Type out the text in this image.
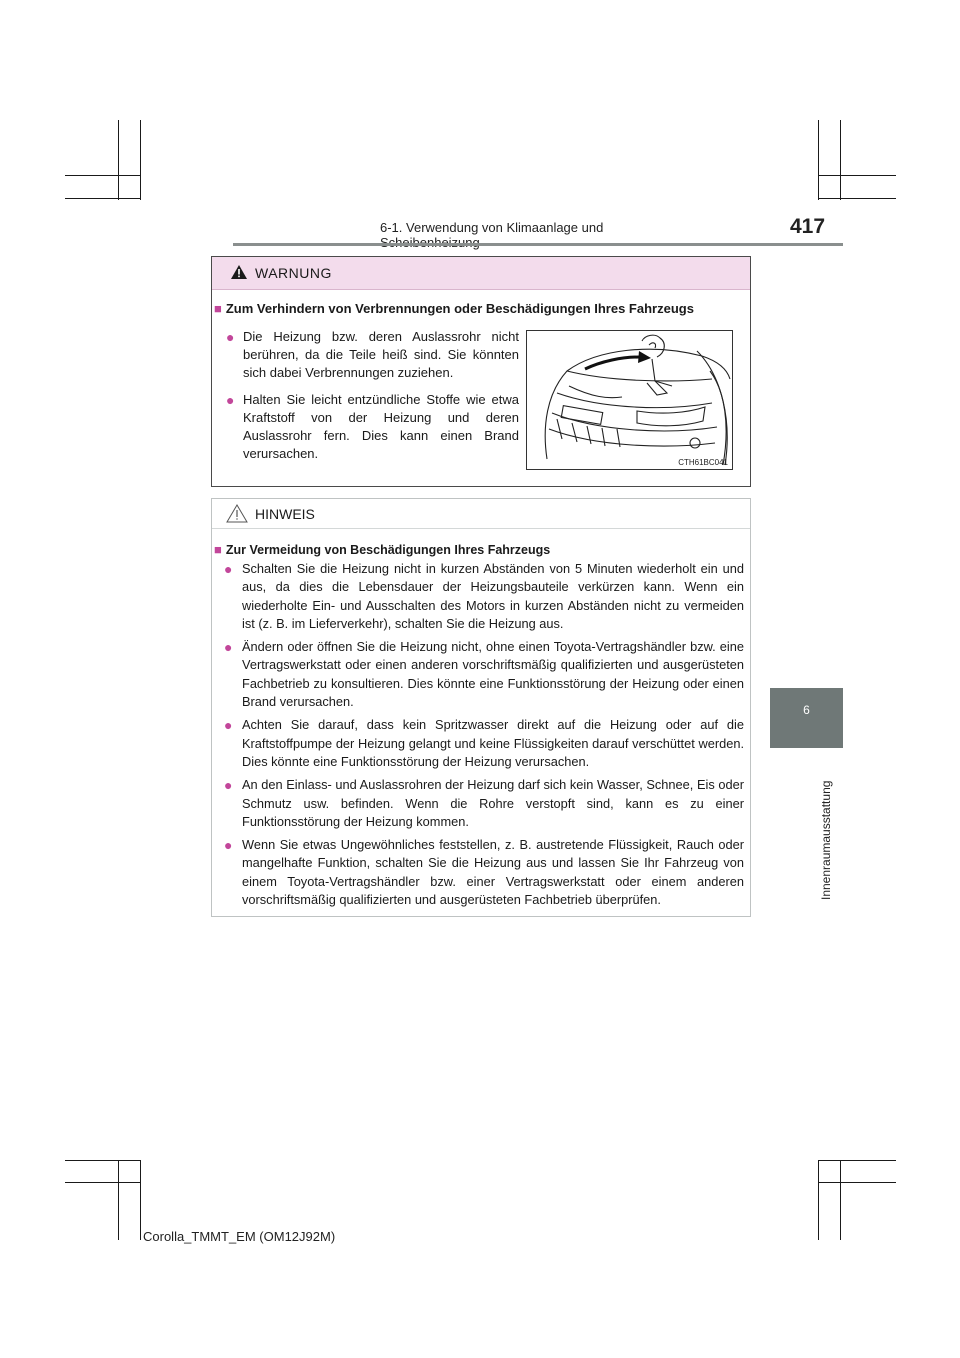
6-1. Verwendung von Klimaanlage und	417
6
Innenraumausstattung
WARNUNG
■ Zum Verhindern von Verbrennungen oder Beschädigungen Ihres Fahrzeugs
● Die Heizung bzw. deren Auslassrohr nicht berühren, da die Teile heiß sind. Sie könnten sich dabei Verbrennungen zuziehen.
● Halten Sie leicht entzündliche Stoffe wie etwa Kraftstoff von der Heizung und deren Auslassrohr fern. Dies kann einen Brand verursachen.
CTH61BC041
HINWEIS
■ Zur Vermeidung von Beschädigungen Ihres Fahrzeugs
● Schalten Sie die Heizung nicht in kurzen Abständen von 5 Minuten wiederholt ein und aus, da dies die Lebensdauer der Heizungsbauteile verkürzen kann. Wenn ein wiederholte Ein- und Ausschalten des Motors in kurzen Abständen nicht zu vermeiden ist (z. B. im Lieferverkehr), schalten Sie die Heizung aus.
● Ändern oder öffnen Sie die Heizung nicht, ohne einen Toyota-Vertragshändler bzw. eine Vertragswerkstatt oder einen anderen vorschriftsmäßig qualifizierten und ausgerüsteten Fachbetrieb zu konsultieren. Dies könnte eine Funktionsstörung der Heizung oder einen Brand verursachen.
● Achten Sie darauf, dass kein Spritzwasser direkt auf die Heizung oder auf die Kraftstoffpumpe der Heizung gelangt und keine Flüssigkeiten darauf verschüttet werden. Dies könnte eine Funktionsstörung der Heizung verursachen.
● An den Einlass- und Auslassrohren der Heizung darf sich kein Wasser, Schnee, Eis oder Schmutz usw. befinden. Wenn die Rohre verstopft sind, kann es zu einer Funktionsstörung der Heizung kommen.
● Wenn Sie etwas Ungewöhnliches feststellen, z. B. austretende Flüssigkeit, Rauch oder mangelhafte Funktion, schalten Sie die Heizung aus und lassen Sie Ihr Fahrzeug von einem Toyota-Vertragshändler bzw. einer Vertragswerkstatt oder einem anderen vorschriftsmäßig qualifizierten und ausgerüsteten Fachbetrieb überprüfen.
Corolla_TMMT_EM (OM12J92M)
